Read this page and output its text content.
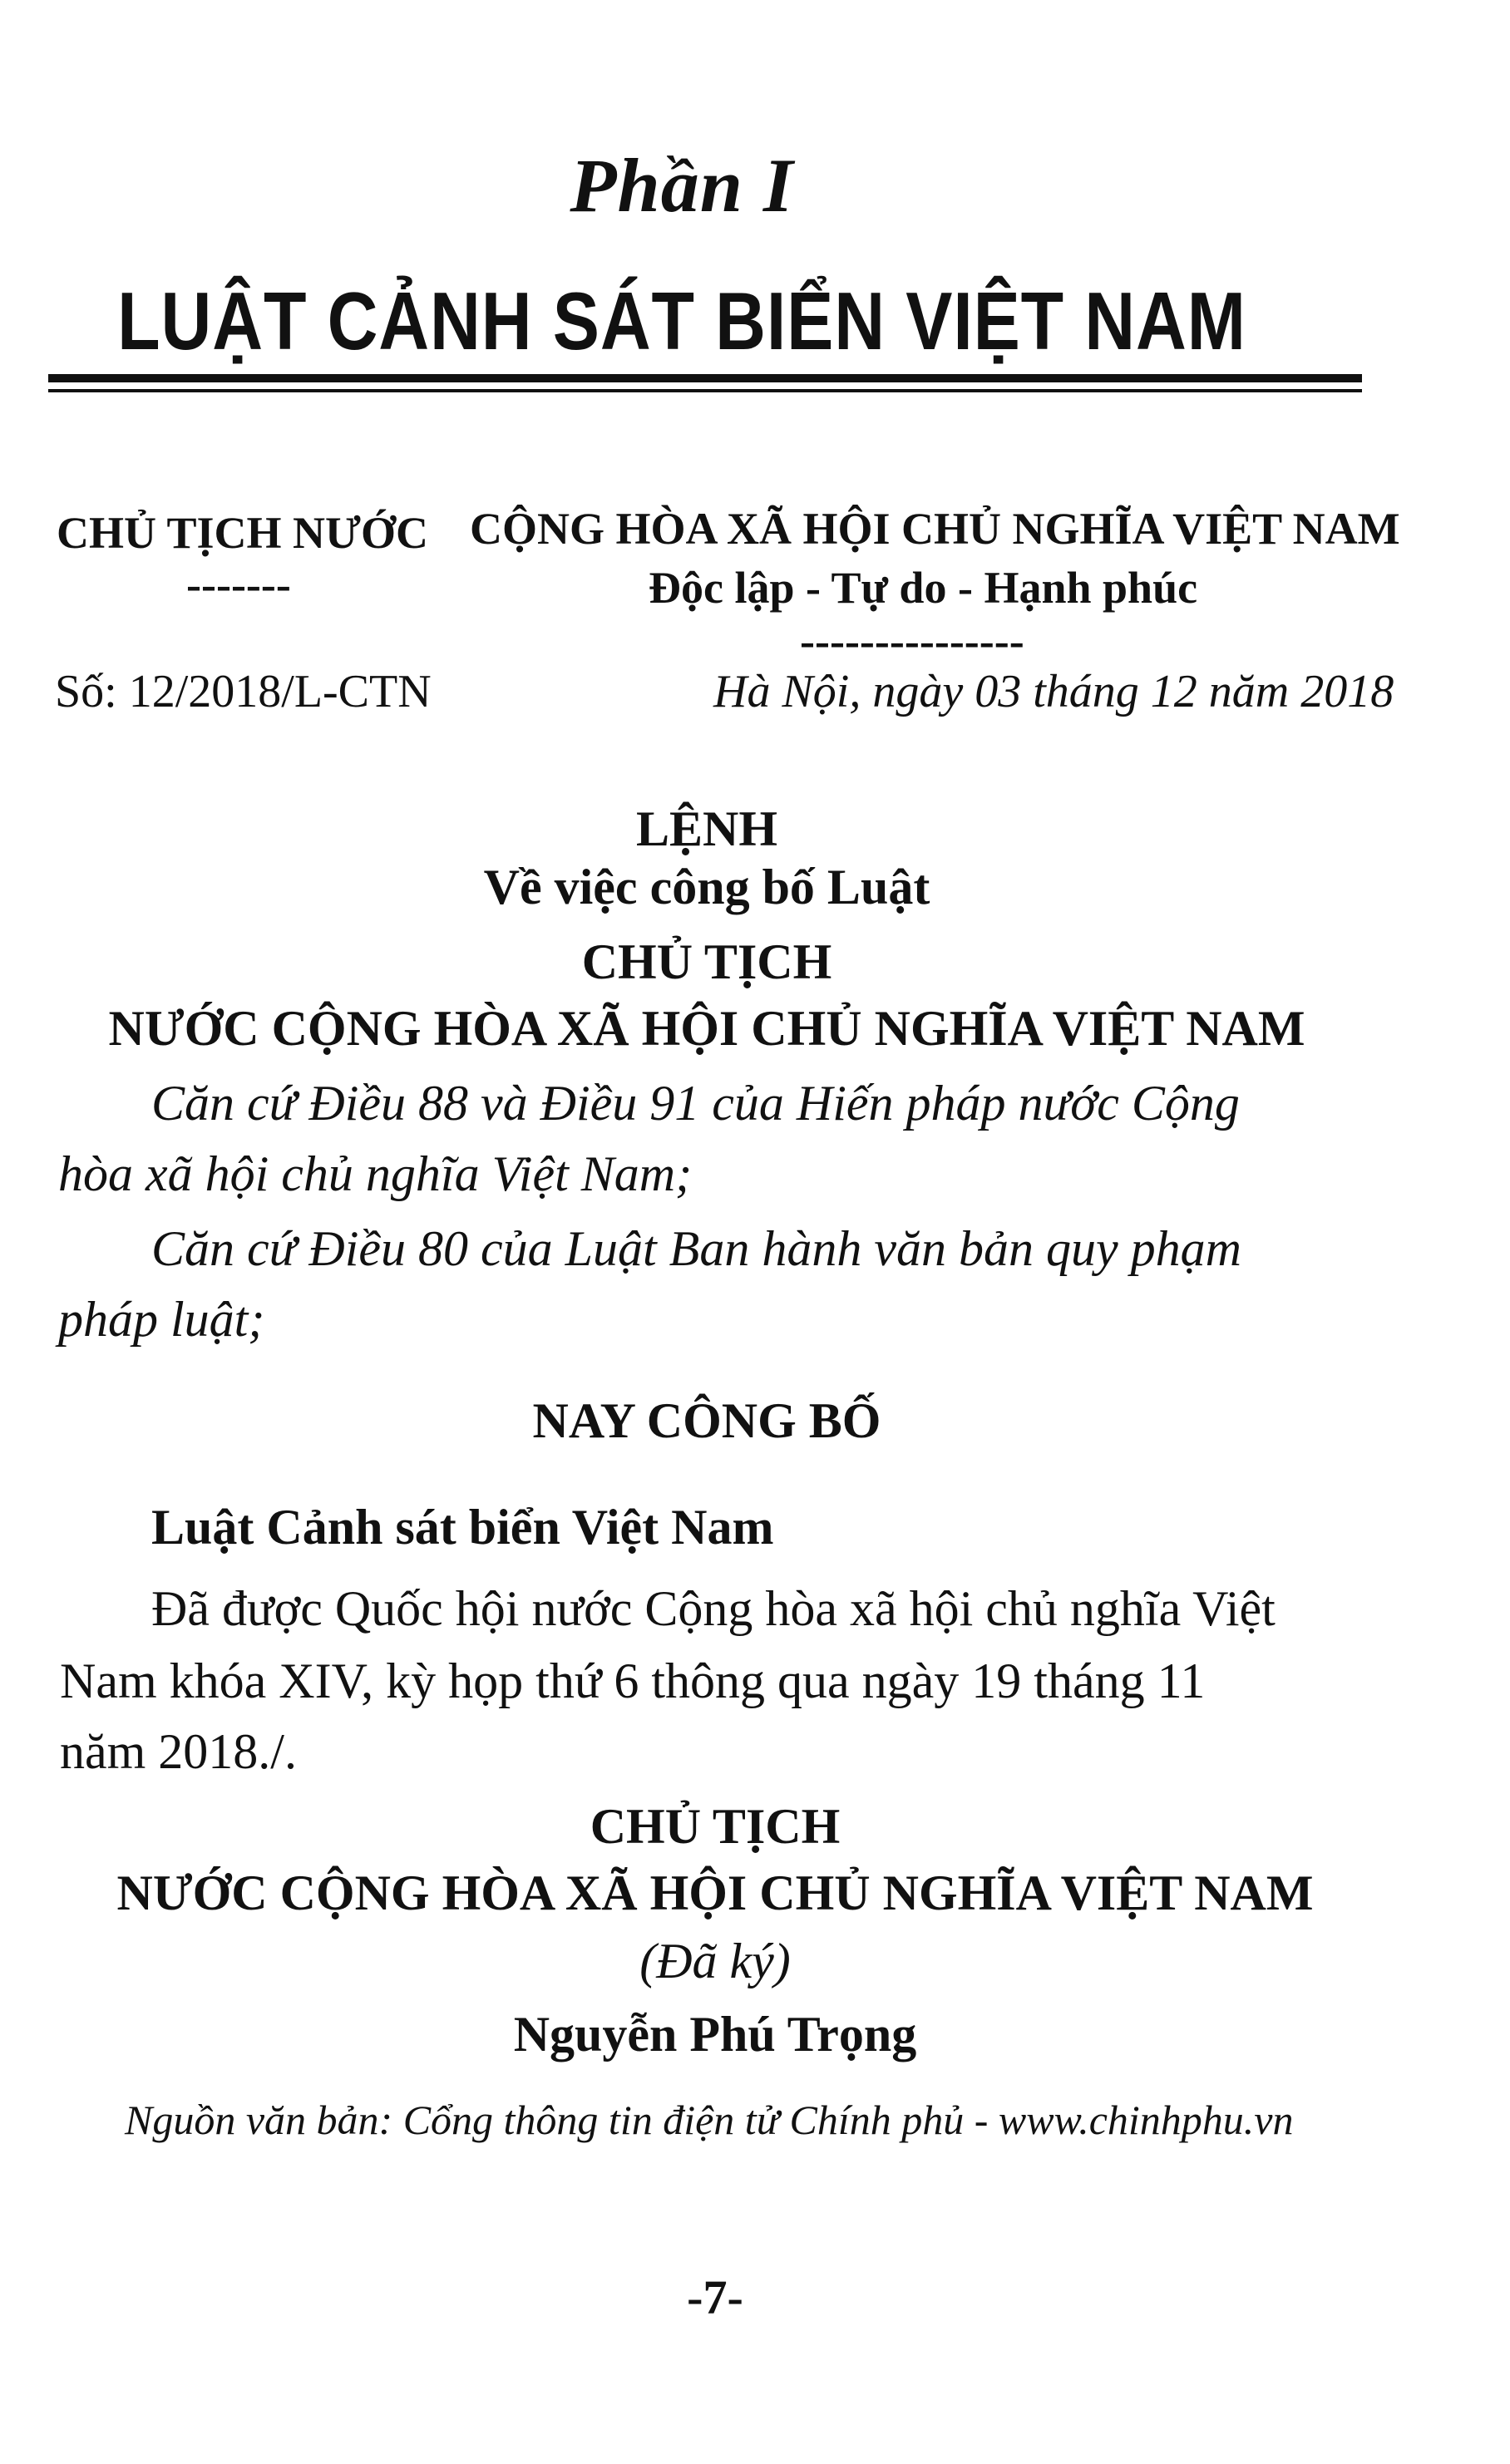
Phần I
LUẬT CẢNH SÁT BIỂN VIỆT NAM
CHỦ TỊCH NƯỚC
-------
Số: 12/2018/L-CTN
CỘNG HÒA XÃ HỘI CHỦ NGHĨA VIỆT NAM
Độc lập - Tự do - Hạnh phúc
---------------
Hà Nội, ngày 03 tháng 12 năm 2018
LỆNH
Về việc công bố Luật
CHỦ TỊCH
NƯỚC CỘNG HÒA XÃ HỘI CHỦ NGHĨA VIỆT NAM
Căn cứ Điều 88 và Điều 91 của Hiến pháp nước Cộng
hòa xã hội chủ nghĩa Việt Nam;
Căn cứ Điều 80 của Luật Ban hành văn bản quy phạm
pháp luật;
NAY CÔNG BỐ
Luật Cảnh sát biển Việt Nam
Đã được Quốc hội nước Cộng hòa xã hội chủ nghĩa Việt
Nam khóa XIV, kỳ họp thứ 6 thông qua ngày 19 tháng 11
năm 2018./.
CHỦ TỊCH
NƯỚC CỘNG HÒA XÃ HỘI CHỦ NGHĨA VIỆT NAM
(Đã ký)
Nguyễn Phú Trọng
Nguồn văn bản: Cổng thông tin điện tử Chính phủ - www.chinhphu.vn
-7-
